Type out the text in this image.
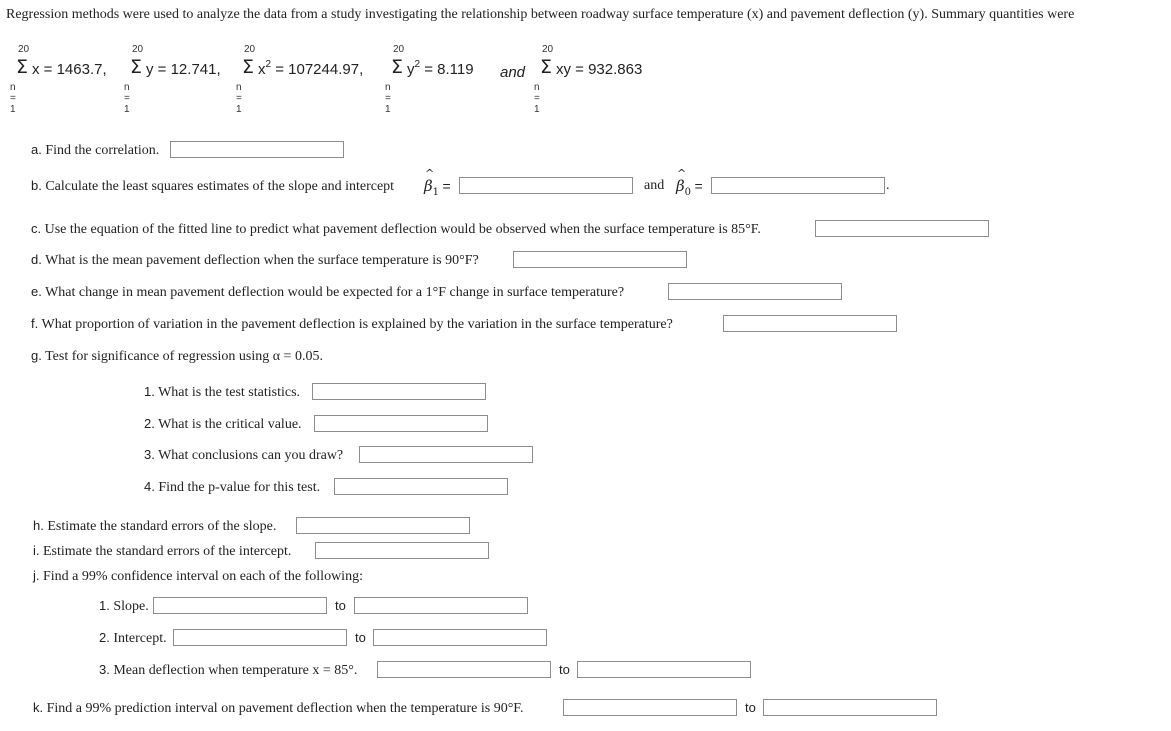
Regression methods were used to analyze the data from a study investigating the relationship between roadway surface temperature (x) and pavement deflection (y). Summary quantities were
20
Σ x = 1463.7,
n = 1
20
Σ y = 12.741,
n = 1
20
Σ $x^2 = 107244.97$,
n = 1
20
Σ $y^2 = 8.119$
n = 1
and
20
Σ xy = 932.863
n = 1
a. Find the correlation.
b. Calculate the least squares estimates of the slope and intercept
^
$\beta_1$ =	and
^
$\beta_0$ =	.
c. Use the equation of the fitted line to predict what pavement deflection would be observed when the surface temperature is 85°F.
d. What is the mean pavement deflection when the surface temperature is 90°F?
e. What change in mean pavement deflection would be expected for a 1°F change in surface temperature?
f. What proportion of variation in the pavement deflection is explained by the variation in the surface temperature?
g. Test for significance of regression using α = 0.05.
1. What is the test statistics.
2. What is the critical value.
3. What conclusions can you draw?
4. Find the p-value for this test.
h. Estimate the standard errors of the slope.
i. Estimate the standard errors of the intercept.
j. Find a 99% confidence interval on each of the following:
1. Slope.	to
2. Intercept.	to
3. Mean deflection when temperature x = 85°.	to
k. Find a 99% prediction interval on pavement deflection when the temperature is 90°F.	to
